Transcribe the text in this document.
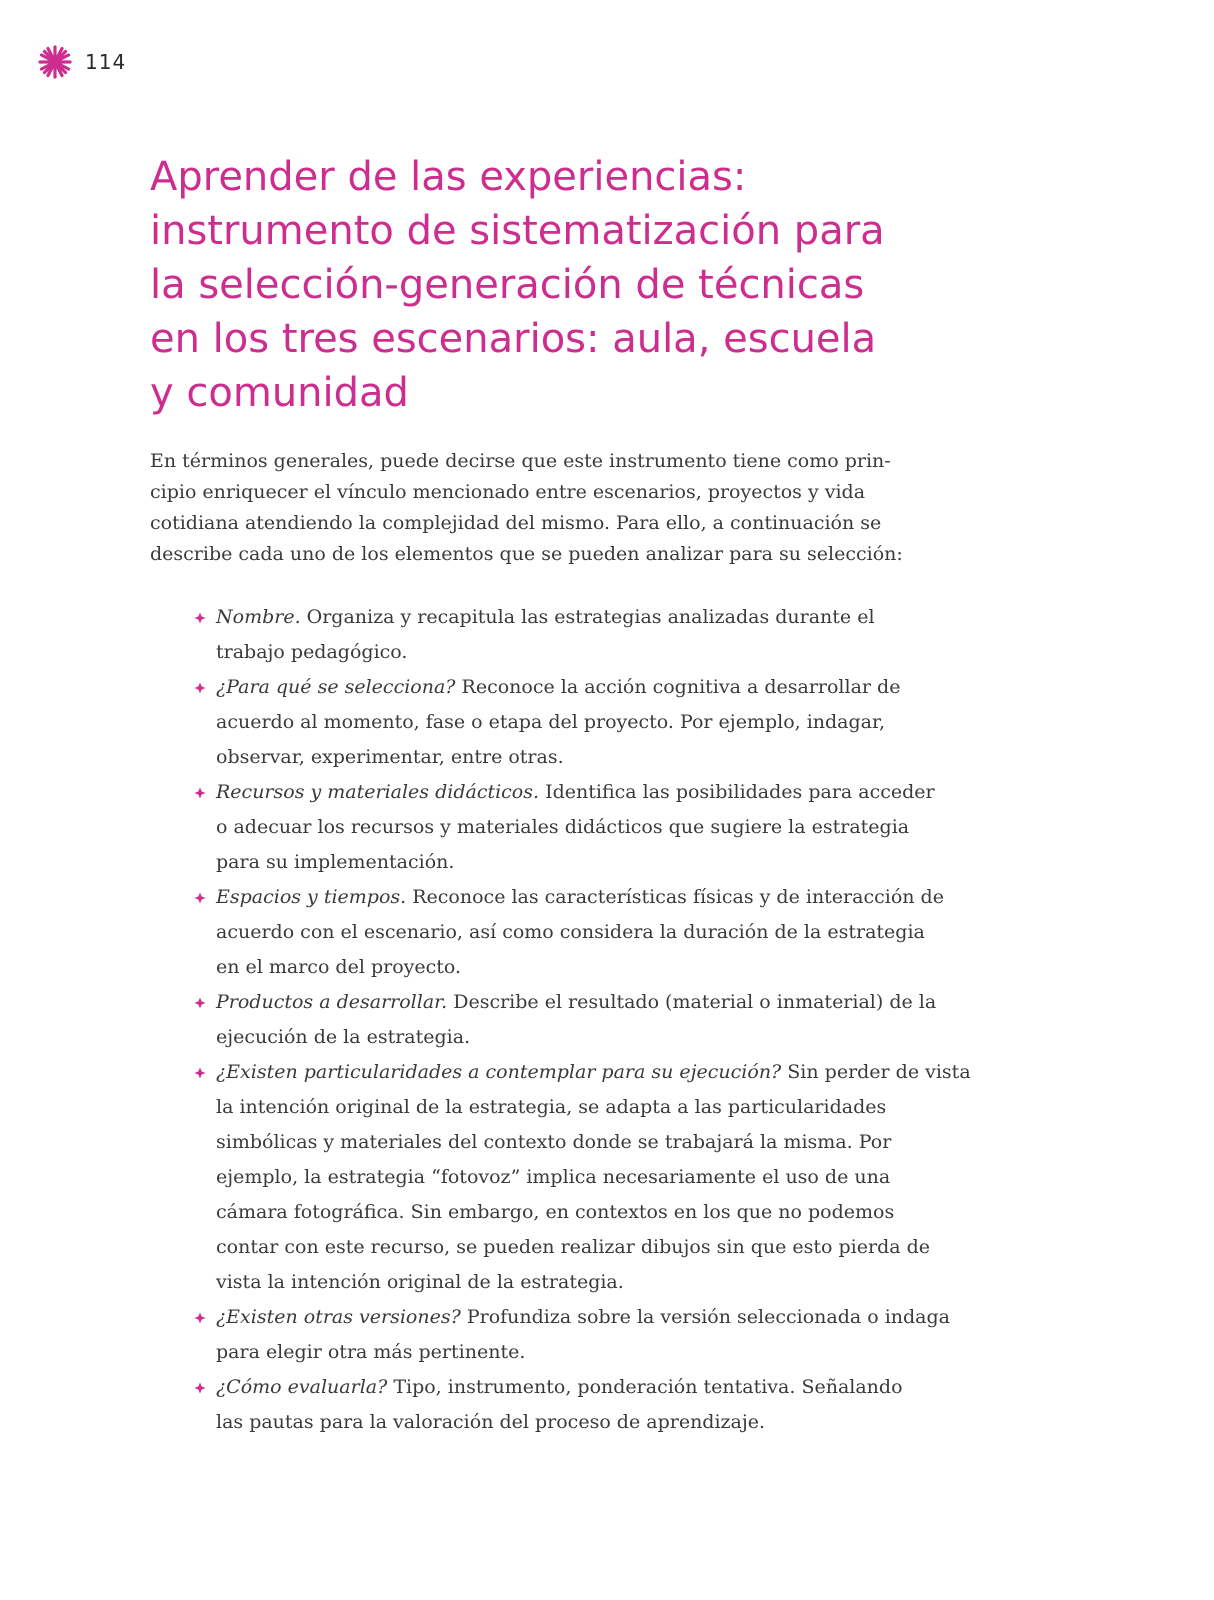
114
Aprender de las experiencias:
instrumento de sistematización para
la selección-generación de técnicas
en los tres escenarios: aula, escuela
y comunidad

En términos generales, puede decirse que este instrumento tiene como prin-
cipio enriquecer el vínculo mencionado entre escenarios, proyectos y vida
cotidiana atendiendo la complejidad del mismo. Para ello, a continuación se
describe cada uno de los elementos que se pueden analizar para su selección:

Nombre. Organiza y recapitula las estrategias analizadas durante el
trabajo pedagógico.
¿Para qué se selecciona? Reconoce la acción cognitiva a desarrollar de
acuerdo al momento, fase o etapa del proyecto. Por ejemplo, indagar,
observar, experimentar, entre otras.
Recursos y materiales didácticos. Identifica las posibilidades para acceder
o adecuar los recursos y materiales didácticos que sugiere la estrategia
para su implementación.
Espacios y tiempos. Reconoce las características físicas y de interacción de
acuerdo con el escenario, así como considera la duración de la estrategia
en el marco del proyecto.
Productos a desarrollar. Describe el resultado (material o inmaterial) de la
ejecución de la estrategia.
¿Existen particularidades a contemplar para su ejecución? Sin perder de vista
la intención original de la estrategia, se adapta a las particularidades
simbólicas y materiales del contexto donde se trabajará la misma. Por
ejemplo, la estrategia “fotovoz” implica necesariamente el uso de una
cámara fotográfica. Sin embargo, en contextos en los que no podemos
contar con este recurso, se pueden realizar dibujos sin que esto pierda de
vista la intención original de la estrategia.
¿Existen otras versiones? Profundiza sobre la versión seleccionada o indaga
para elegir otra más pertinente.
¿Cómo evaluarla? Tipo, instrumento, ponderación tentativa. Señalando
las pautas para la valoración del proceso de aprendizaje.
